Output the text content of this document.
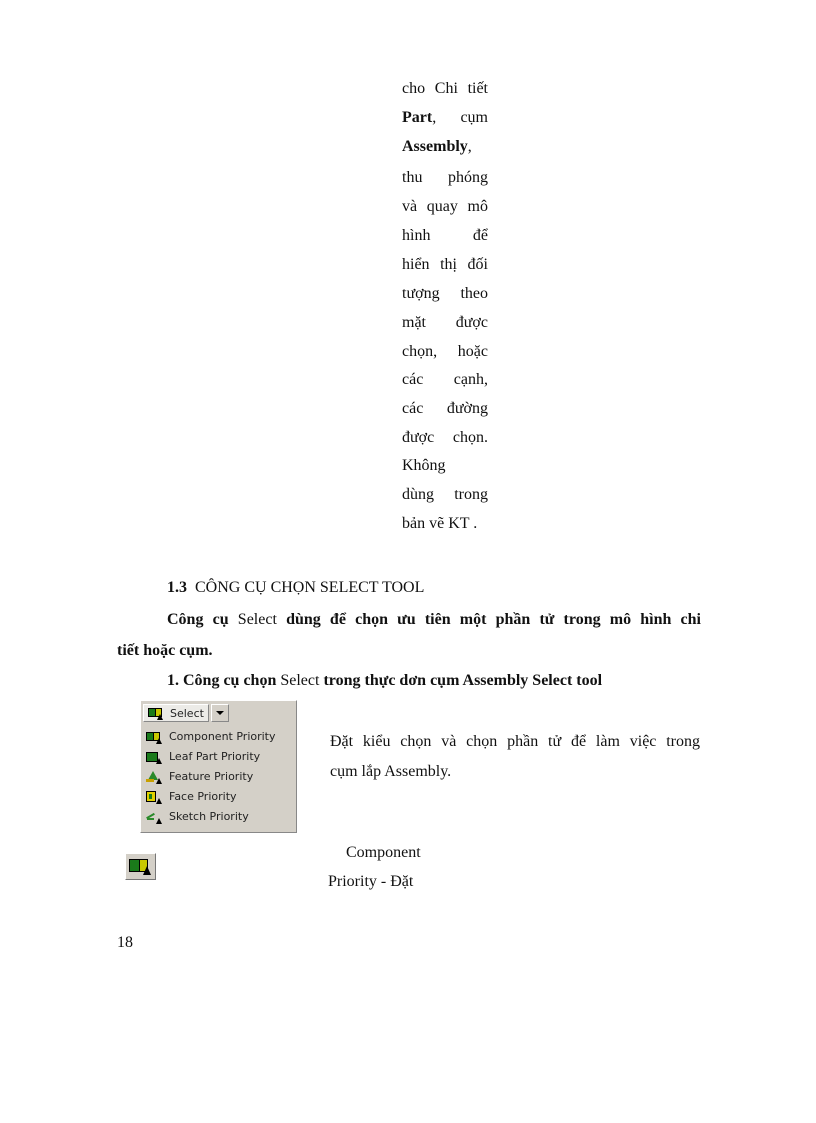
cho Chi tiết
Part, cụm
Assembly,
thu phóng
và quay mô
hình để
hiển thị đối
tượng theo
mặt được
chọn, hoặc
các cạnh,
các đường
được chọn.
Không
dùng trong
bản vẽ KT .
1.3 CÔNG CỤ CHỌN SELECT TOOL
Công cụ Select dùng để chọn ưu tiên một phần tử trong mô hình chi
tiết hoặc cụm.
1. Công cụ chọn Select trong thực dơn cụm Assembly Select tool
Select
Component Priority
Leaf Part Priority
Feature Priority
Face Priority
Sketch Priority
Đặt kiểu chọn và chọn phần tử để làm việc trong
cụm lắp Assembly.
Component
Priority - Đặt
18
